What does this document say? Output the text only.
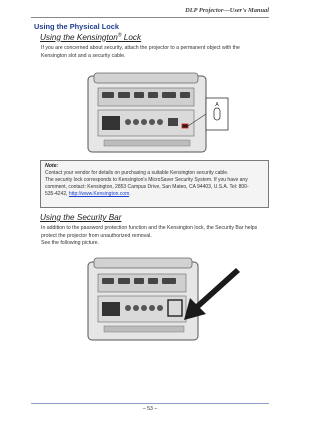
DLP Projector—User's Manual
Using the Physical Lock
Using the Kensington® Lock
If you are concerned about security, attach the projector to a permanent object with the
Kensington slot and a security cable.
A
Note:
Contact your vendor for details on purchasing a suitable Kensington security cable.
The security lock corresponds to Kensington's MicroSaver Security System. If you have any
comment, contact: Kensington, 2853 Campus Drive, San Mateo, CA 94403, U.S.A. Tel: 800-
535-4242, http://www.Kensington.com.
Using the Security Bar
In addition to the password protection function and the Kensington lock, the Security Bar helps
protect the projector from unauthorized removal.
See the following picture.
– 53 –
